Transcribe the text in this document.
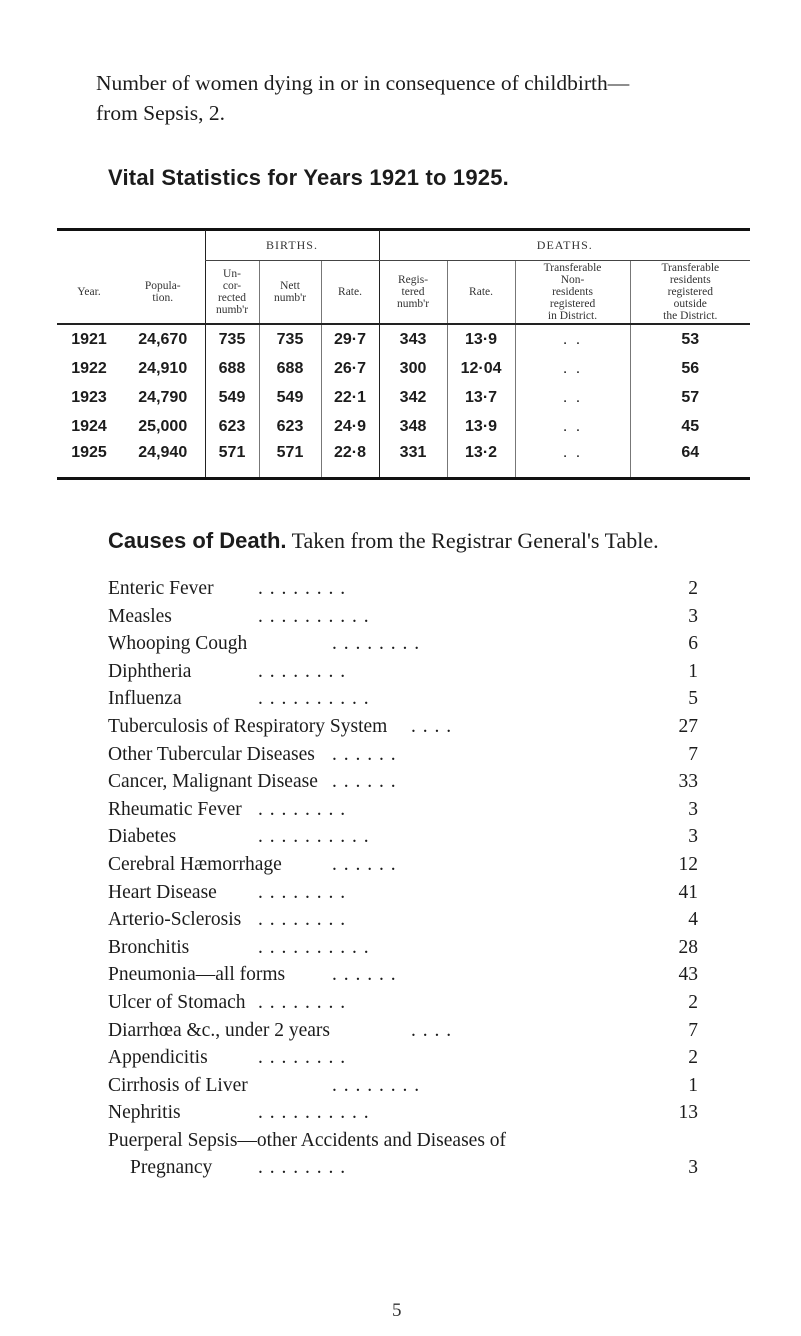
Number of women dying in or in consequence of childbirth—
from Sepsis, 2.
Vital Statistics for Years 1921 to 1925.
		BIRTHS.			DEATHS.			
Year.	Popula-
tion.	Un-
cor-
rected
numb'r	Nett
numb'r	Rate.	Regis-
tered
numb'r	Rate.	Transferable
Non-
residents
registered
in District.	Transferable
residents
registered
outside
the District.
1921	24,670	735	735	29·7	343	13·9	. .	53
1922	24,910	688	688	26·7	300	12·04	. .	56
1923	24,790	549	549	22·1	342	13·7	. .	57
1924	25,000	623	623	24·9	348	13·9	. .	45
1925	24,940	571	571	22·8	331	13·2	. .	64
Causes of Death. Taken from the Registrar General's Table.
Enteric Fever . . . . . . . .	2
Measles	. . . . . . . . . .	3
Whooping Cough	. . . . . . . .	6
Diphtheria	. . . . . . . .	1
Influenza	. . . . . . . . . .	5
Tuberculosis of Respiratory System . . . .	27
Other Tubercular Diseases . . . . . .	7
Cancer, Malignant Disease . . . . . .	33
Rheumatic Fever . . . . . . . .	3
Diabetes	. . . . . . . . . .	3
Cerebral Hæmorrhage	. . . . . .	12
Heart Disease . . . . . . . .	41
Arterio-Sclerosis . . . . . . . .	4
Bronchitis	. . . . . . . . . .	28
Pneumonia—all forms . . . . . .	43
Ulcer of Stomach . . . . . . . .	2
Diarrhœa &c., under 2 years	. . . .	7
Appendicitis	. . . . . . . .	2
Cirrhosis of Liver	. . . . . . . .	1
Nephritis	. . . . . . . . . .	13
Puerperal Sepsis—other Accidents and Diseases of
Pregnancy . . . . . . . .	3
5
